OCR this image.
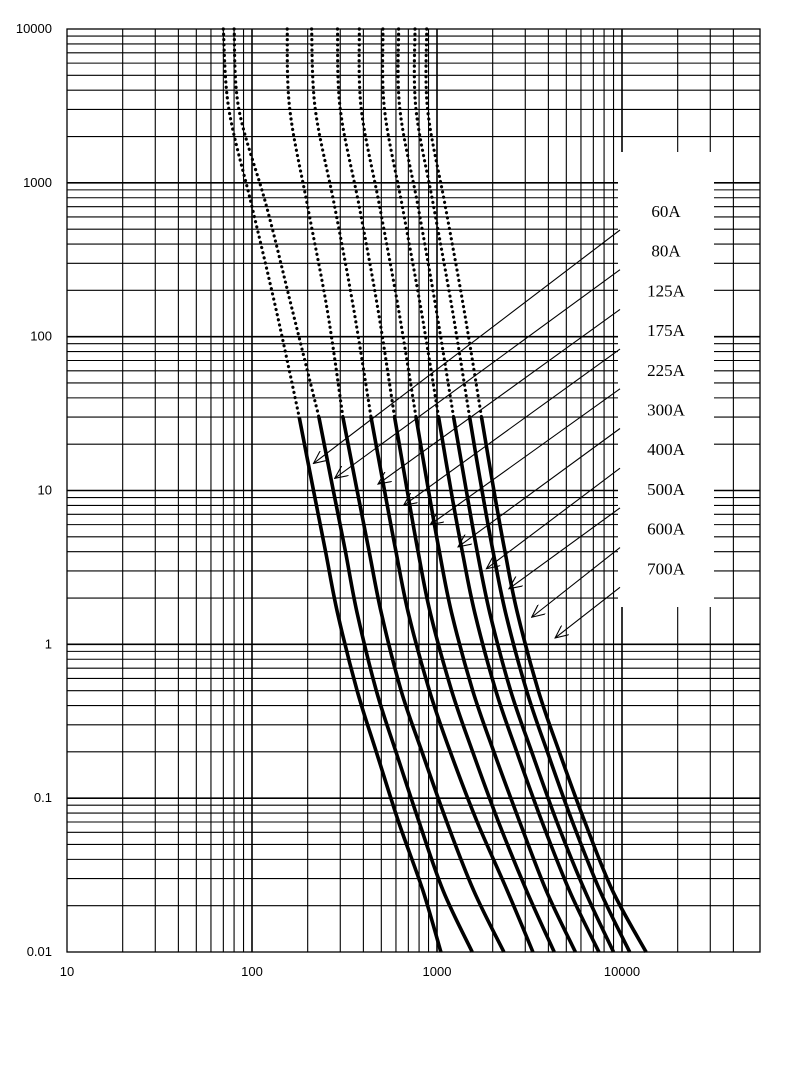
10	100	1000	10000
10000
1000
100
10
1
0.1
0.01
60A
80A
125A
175A
225A
300A
400A
500A
600A
700A
